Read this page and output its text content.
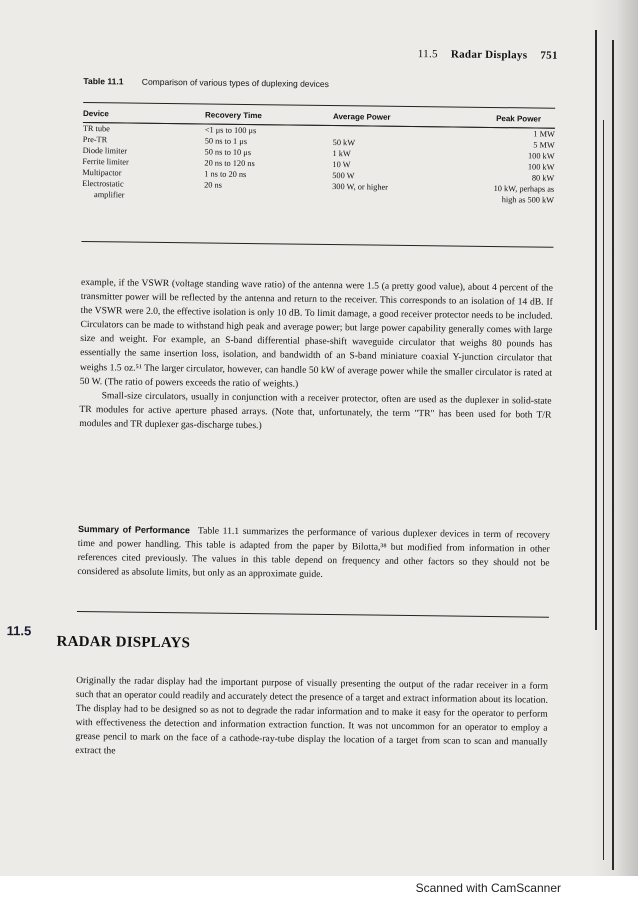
11.5 Radar Displays 751
Table 11.1 Comparison of various types of duplexing devices
Device	Recovery Time	Average Power	Peak Power
TR tube	<1 μs to 100 μs		1 MW
Pre-TR	50 ns to 1 μs	50 kW	5 MW
Diode limiter	50 ns to 10 μs	1 kW	100 kW
Ferrite limiter	20 ns to 120 ns	10 W	100 kW
Multipactor	1 ns to 20 ns	500 W	80 kW
Electrostatic
amplifier	20 ns	300 W, or higher	10 kW, perhaps as
high as 500 kW

example, if the VSWR (voltage standing wave ratio) of the antenna were 1.5 (a pretty good value), about 4 percent of the transmitter power will be reflected by the antenna and return to the receiver. This corresponds to an isolation of 14 dB. If the VSWR were 2.0, the effective isolation is only 10 dB. To limit damage, a good receiver protector needs to be included. Circulators can be made to withstand high peak and average power; but large power capability generally comes with large size and weight. For example, an S-band differential phase-shift waveguide circulator that weighs 80 pounds has essentially the same insertion loss, isolation, and bandwidth of an S-band miniature coaxial Y-junction circulator that weighs 1.5 oz.⁵¹ The larger circulator, however, can handle 50 kW of average power while the smaller circulator is rated at 50 W. (The ratio of powers exceeds the ratio of weights.)

Small-size circulators, usually in conjunction with a receiver protector, often are used as the duplexer in solid-state TR modules for active aperture phased arrays. (Note that, unfortunately, the term "TR" has been used for both T/R modules and TR duplexer gas-discharge tubes.)

Summary of Performance Table 11.1 summarizes the performance of various duplexer devices in term of recovery time and power handling. This table is adapted from the paper by Bilotta,³⁸ but modified from information in other references cited previously. The values in this table depend on frequency and other factors so they should not be considered as absolute limits, but only as an approximate guide.

11.5
RADAR DISPLAYS

Originally the radar display had the important purpose of visually presenting the output of the radar receiver in a form such that an operator could readily and accurately detect the presence of a target and extract information about its location. The display had to be designed so as not to degrade the radar information and to make it easy for the operator to perform with effectiveness the detection and information extraction function. It was not uncommon for an operator to employ a grease pencil to mark on the face of a cathode-ray-tube display the location of a target from scan to scan and manually extract the

Scanned with CamScanner
